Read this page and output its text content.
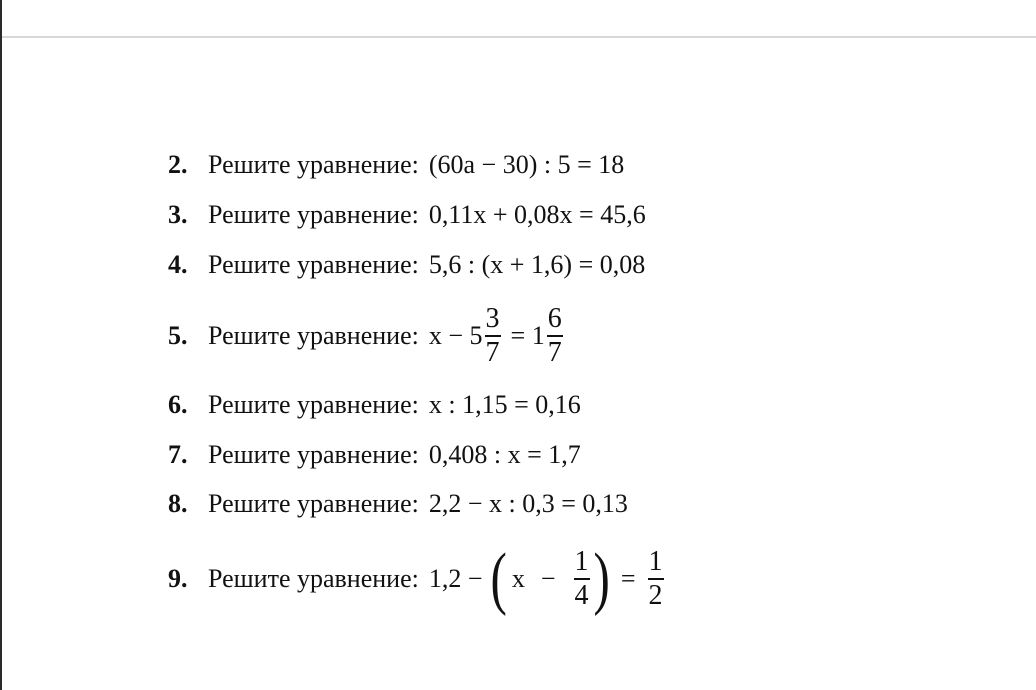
2. Решите уравнение: (60a − 30) : 5 = 18
3. Решите уравнение: 0,11x + 0,08x = 45,6
4. Решите уравнение: 5,6 : (x + 1,6) = 0,08
5. Решите уравнение: $x - 5 \frac{3}{7} = 1 \frac{6}{7}$
6. Решите уравнение: x : 1,15 = 0,16
7. Решите уравнение: 0,408 : x = 1,7
8. Решите уравнение: 2,2 − x : 0,3 = 0,13
9. Решите уравнение: 1,2 − ( $x - \frac{1}{4}$ ) = $\frac{1}{2}$
